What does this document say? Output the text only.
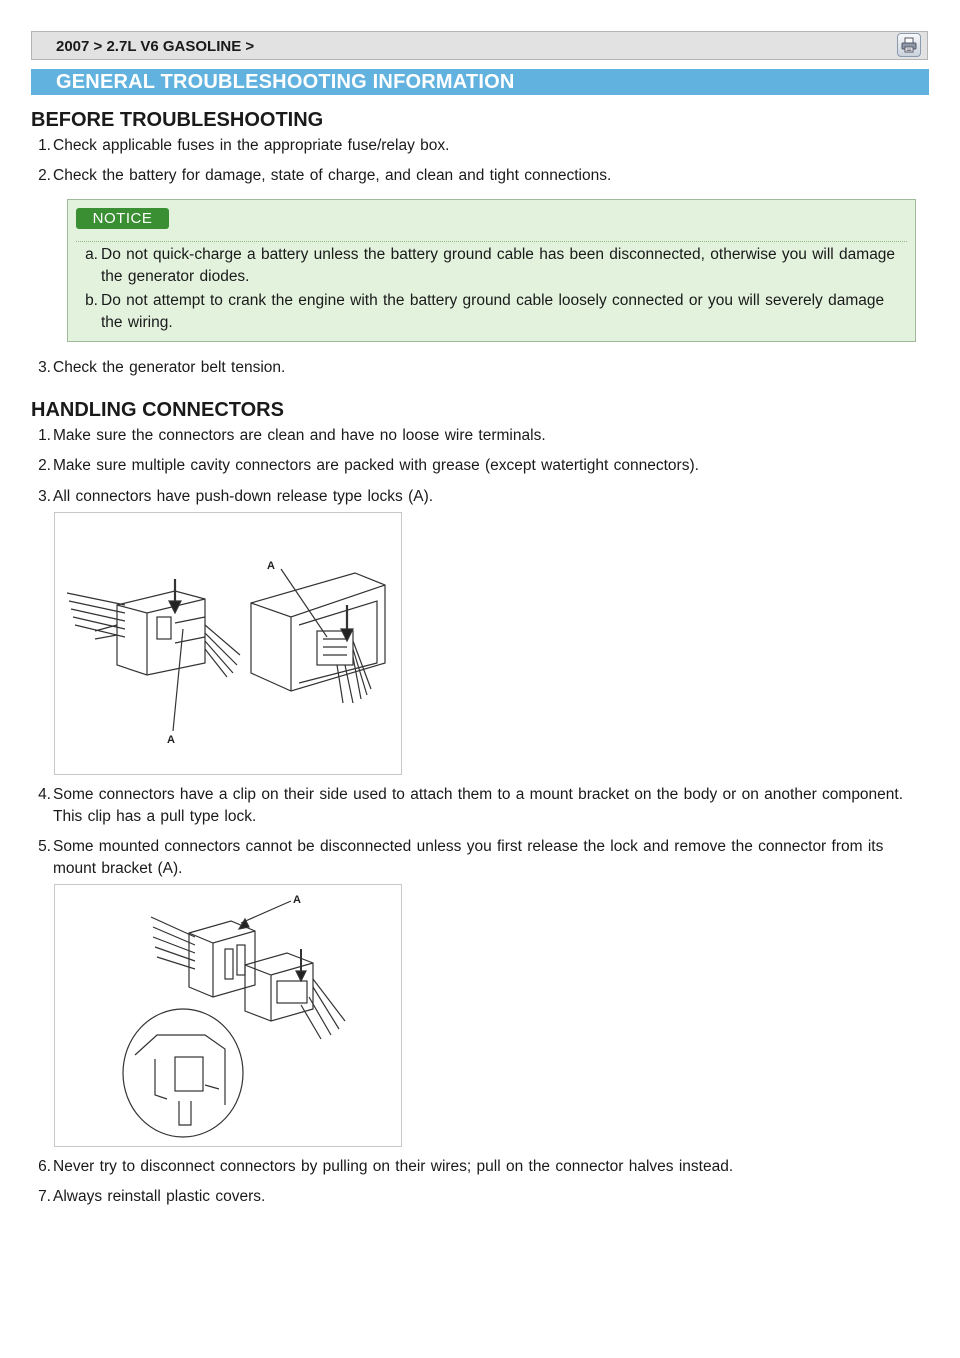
2007 > 2.7L V6 GASOLINE >
GENERAL TROUBLESHOOTING INFORMATION
BEFORE TROUBLESHOOTING
1. Check applicable fuses in the appropriate fuse/relay box.
2. Check the battery for damage, state of charge, and clean and tight connections.
NOTICE
a. Do not quick-charge a battery unless the battery ground cable has been disconnected, otherwise you will damage the generator diodes.
b. Do not attempt to crank the engine with the battery ground cable loosely connected or you will severely damage the wiring.
3. Check the generator belt tension.
HANDLING CONNECTORS
1. Make sure the connectors are clean and have no loose wire terminals.
2. Make sure multiple cavity connectors are packed with grease (except watertight connectors).
3. All connectors have push-down release type locks (A).
A
A
4. Some connectors have a clip on their side used to attach them to a mount bracket on the body or on another component. This clip has a pull type lock.
5. Some mounted connectors cannot be disconnected unless you first release the lock and remove the connector from its mount bracket (A).
A
6. Never try to disconnect connectors by pulling on their wires; pull on the connector halves instead.
7. Always reinstall plastic covers.
